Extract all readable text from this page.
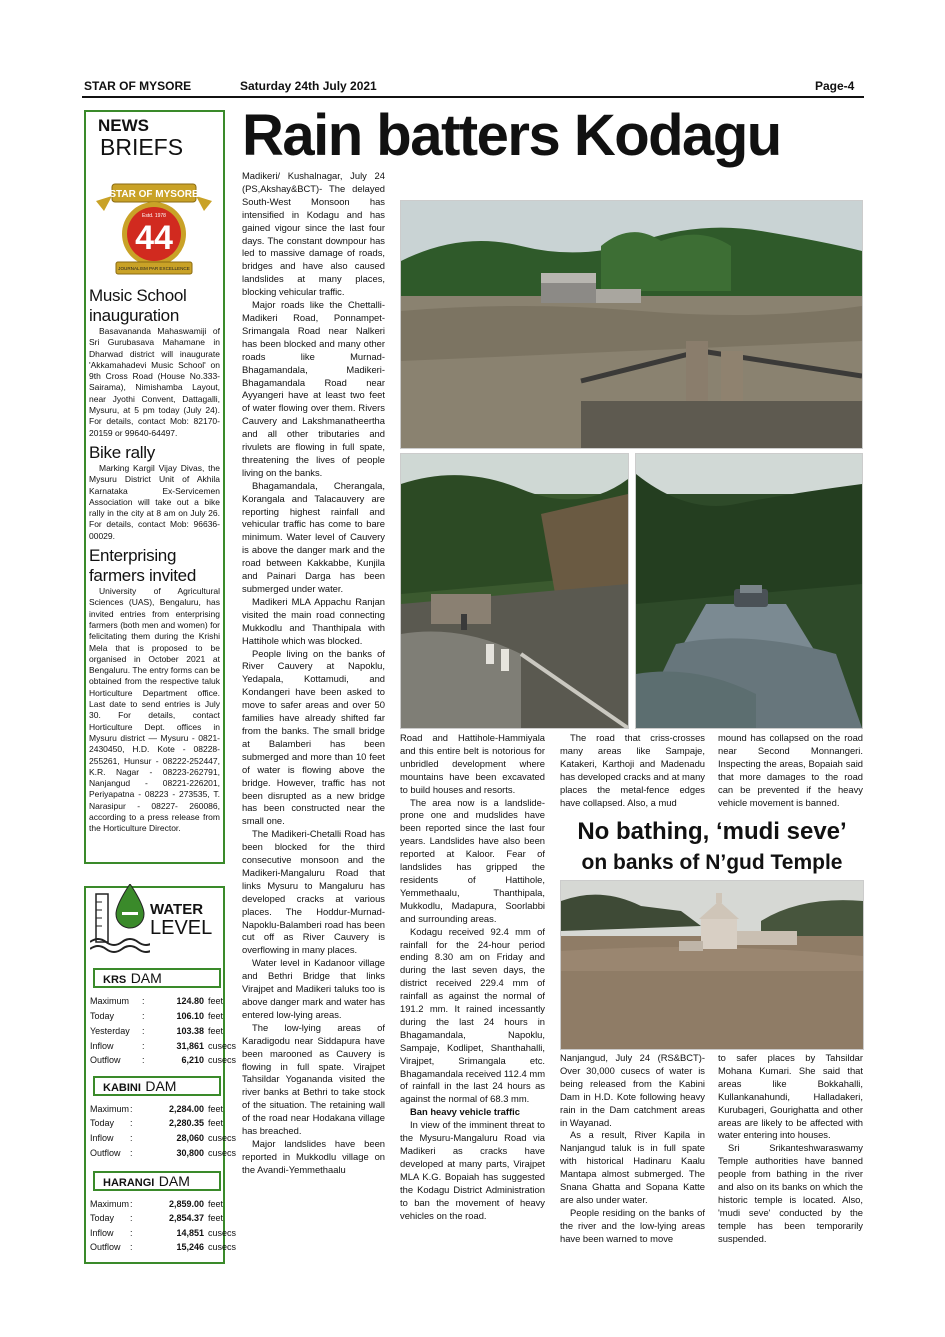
STAR OF MYSORE	Saturday 24th July 2021	Page-4
Rain batters Kodagu
NEWS
BRIEFS
STAR OF MYSORE
Estd. 1978
44
JOURNALISM PAR EXCELLENCE
Music School inauguration

Basavananda Mahaswamiji of Sri Gurubasava Mahamane in Dharwad district will inaugurate 'Akkamahadevi Music School' on 9th Cross Road (House No.333-Sairama), Nimishamba Layout, near Jyothi Convent, Dattagalli, Mysuru, at 5 pm today (July 24). For details, contact Mob: 82170-20159 or 99640-64497.

Bike rally

Marking Kargil Vijay Divas, the Mysuru District Unit of Akhila Karnataka Ex-Servicemen Association will take out a bike rally in the city at 8 am on July 26. For details, contact Mob: 96636-00029.

Enterprising farmers invited

University of Agricultural Sciences (UAS), Bengaluru, has invited entries from enterprising farmers (both men and women) for felicitating them during the Krishi Mela that is proposed to be organised in October 2021 at Bengaluru. The entry forms can be obtained from the respective taluk Horticulture Department office. Last date to send entries is July 30. For details, contact Horticulture Dept. offices in Mysuru district — Mysuru - 0821-2430450, H.D. Kote - 08228-255261, Hunsur - 08222-252447, K.R. Nagar - 08223-262791, Nanjangud - 08221-226201, Periyapatna - 08223 - 273535, T. Narasipur - 08227- 260086, according to a press release from the Horticulture Director.

WATER
LEVEL
KRS DAM
Maximum :	124.80 feet
Today	:	106.10 feet
Yesterday :	103.38 feet
Inflow	:	31,861 cusecs
Outflow :	6,210 cusecs
KABINI DAM
Maximum :	2,284.00 feet
Today :	2,280.35 feet
Inflow :	28,060 cusecs
Outflow :	30,800 cusecs
HARANGI DAM
Maximum :	2,859.00 feet
Today :	2,854.37 feet
Inflow :	14,851 cusecs
Outflow :	15,246 cusecs

Madikeri/ Kushalnagar, July 24 (PS,Akshay&BCT)- The delayed South-West Monsoon has intensified in Kodagu and has gained vigour since the last four days. The constant downpour has led to massive damage of roads, bridges and have also caused landslides at many places, blocking vehicular traffic.

Major roads like the Chettalli-Madikeri Road, Ponnampet-Srimangala Road near Nalkeri has been blocked and many other roads like Murnad-Bhagamandala, Madikeri-Bhagamandala Road near Ayyangeri have at least two feet of water flowing over them. Rivers Cauvery and Lakshmanatheertha and all other tributaries and rivulets are flowing in full spate, threatening the lives of people living on the banks.

Bhagamandala, Cherangala, Korangala and Talacauvery are reporting highest rainfall and vehicular traffic has come to bare minimum. Water level of Cauvery is above the danger mark and the road between Kakkabbe, Kunjila and Painari Darga has been submerged under water.

Madikeri MLA Appachu Ranjan visited the main road connecting Mukkodlu and Thanthipala with Hattihole which was blocked.

People living on the banks of River Cauvery at Napoklu, Yedapala, Kottamudi, and Kondangeri have been asked to move to safer areas and over 50 families have already shifted far from the banks. The small bridge at Balamberi has been submerged and more than 10 feet of water is flowing above the bridge. However, traffic has not been disrupted as a new bridge has been constructed near the small one.

The Madikeri-Chetalli Road has been blocked for the third consecutive monsoon and the Madikeri-Mangaluru Road that links Mysuru to Mangaluru has developed cracks at various places. The Hoddur-Murnad-Napoklu-Balamberi road has been cut off as River Cauvery is overflowing in many places.

Water level in Kadanoor village and Bethri Bridge that links Virajpet and Madikeri taluks too is above danger mark and water has entered low-lying areas.

The low-lying areas of Karadigodu near Siddapura have been marooned as Cauvery is flowing in full spate. Virajpet Tahsildar Yogananda visited the river banks at Bethri to take stock of the situation. The retaining wall of the road near Hodakana village has breached.

Major landslides have been reported in Mukkodlu village on the Avandi-Yemmethaalu

Road and Hattihole-Hammiyala and this entire belt is notorious for unbridled development where mountains have been excavated to build houses and resorts.

The area now is a landslide-prone one and mudslides have been reported since the last four years. Landslides have also been reported at Kaloor. Fear of landslides has gripped the residents of Hattihole, Yemmethaalu, Thanthipala, Mukkodlu, Madapura, Soorlabbi and surrounding areas.

Kodagu received 92.4 mm of rainfall for the 24-hour period ending 8.30 am on Friday and during the last seven days, the district received 229.4 mm of rainfall as against the normal of 191.2 mm. It rained incessantly during the last 24 hours in Bhagamandala, Napoklu, Sampaje, Kodlipet, Shanthahalli, Virajpet, Srimangala etc. Bhagamandala received 112.4 mm of rainfall in the last 24 hours as against the normal of 68.3 mm.

Ban heavy vehicle traffic

In view of the imminent threat to the Mysuru-Mangaluru Road via Madikeri as cracks have developed at many parts, Virajpet MLA K.G. Bopaiah has suggested the Kodagu District Administration to ban the movement of heavy vehicles on the road.

The road that criss-crosses many areas like Sampaje, Katakeri, Karthoji and Madenadu has developed cracks and at many places the metal-fence edges have collapsed. Also, a mud

mound has collapsed on the road near Second Monnangeri. Inspecting the areas, Bopaiah said that more damages to the road can be prevented if the heavy vehicle movement is banned.

No bathing, ‘mudi seve’
on banks of N’gud Temple

Nanjangud, July 24 (RS&BCT)- Over 30,000 cusecs of water is being released from the Kabini Dam in H.D. Kote following heavy rain in the Dam catchment areas in Wayanad.

As a result, River Kapila in Nanjangud taluk is in full spate with historical Hadinaru Kaalu Mantapa almost submerged. The Snana Ghatta and Sopana Katte are also under water.

People residing on the banks of the river and the low-lying areas have been warned to move

to safer places by Tahsildar Mohana Kumari. She said that areas like Bokkahalli, Kullankanahundi, Halladakeri, Kurubageri, Gourighatta and other areas are likely to be affected with water entering into houses.

Sri Srikanteshwaraswamy Temple authorities have banned people from bathing in the river and also on its banks on which the historic temple is located. Also, 'mudi seve' conducted by the temple has been temporarily suspended.
